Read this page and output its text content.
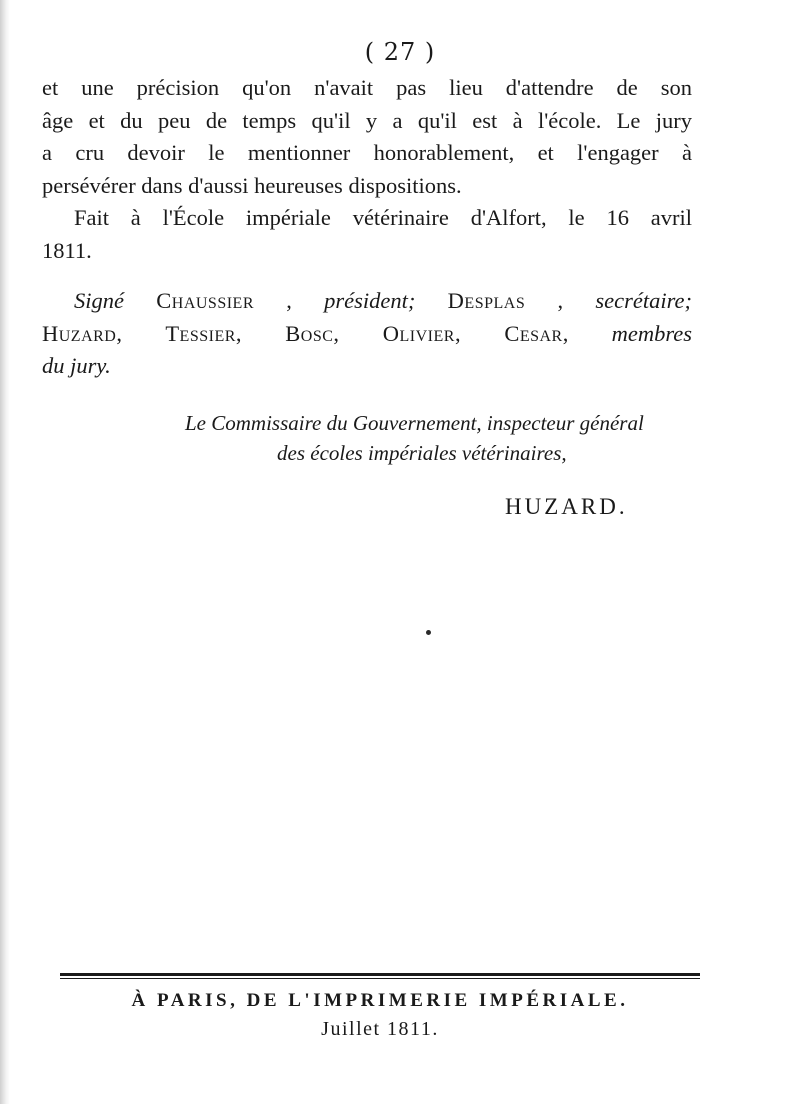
( 27 )
et une précision qu'on n'avait pas lieu d'attendre de son
âge et du peu de temps qu'il y a qu'il est à l'école. Le jury
a cru devoir le mentionner honorablement, et l'engager à
persévérer dans d'aussi heureuses dispositions.
Fait à l'École impériale vétérinaire d'Alfort, le 16 avril
1811.
Signé Chaussier , président; Desplas , secrétaire;
Huzard, Tessier, Bosc, Olivier, Cesar, membres
du jury.
Le Commissaire du Gouvernement, inspecteur général
des écoles impériales vétérinaires,
HUZARD.
À PARIS, DE L'IMPRIMERIE IMPÉRIALE.
Juillet 1811.
